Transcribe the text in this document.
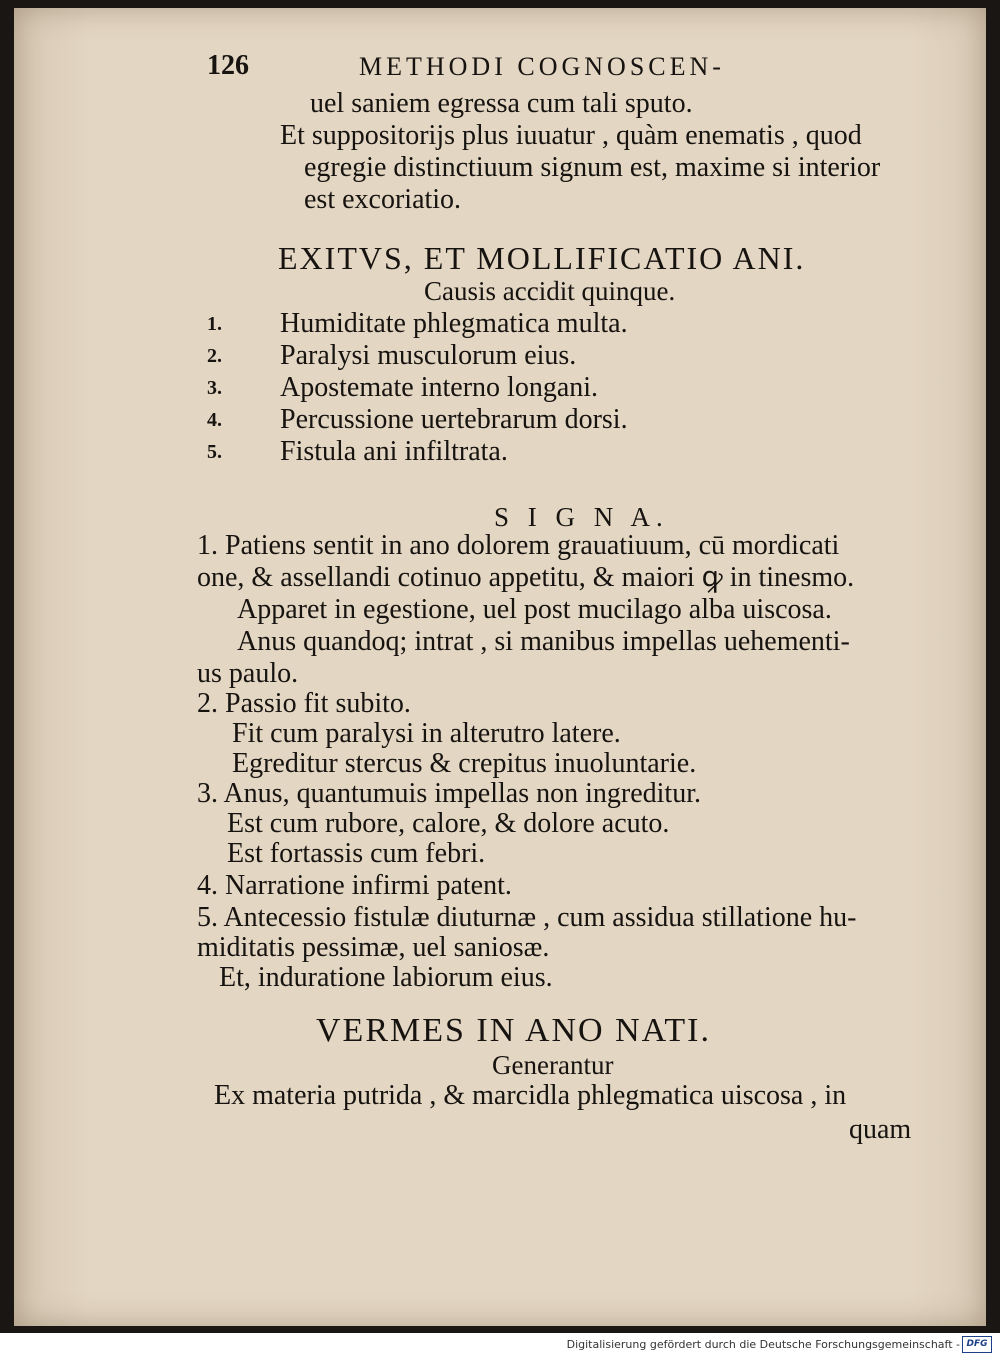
126	METHODI COGNOSCEN-
uel saniem egressa cum tali sputo.
Et suppositorijs plus iuuatur , quàm enematis , quod
egregie distinctiuum signum est, maxime si interior
est excoriatio.
EXITVS, ET MOLLIFICATIO ANI.
Causis accidit quinque.
1. Humiditate phlegmatica multa.
2. Paralysi musculorum eius.
3. Apostemate interno longani.
4. Percussione uertebrarum dorsi.
5. Fistula ani infiltrata.
S I G N A.
1. Patiens sentit in ano dolorem grauatiuum, cū mordicati
one, & assellandi cotinuo appetitu, & maiori ꝙ in tinesmo.
Apparet in egestione, uel post mucilago alba uiscosa.
Anus quandoq; intrat , si manibus impellas uehementi-
us paulo.
2. Passio fit subito.
Fit cum paralysi in alterutro latere.
Egreditur stercus & crepitus inuoluntarie.
3. Anus, quantumuis impellas non ingreditur.
Est cum rubore, calore, & dolore acuto.
Est fortassis cum febri.
4. Narratione infirmi patent.
5. Antecessio fistulæ diuturnæ , cum assidua stillatione hu-
miditatis pessimæ, uel saniosæ.
Et, induratione labiorum eius.
VERMES IN ANO NATI.
Generantur
Ex materia putrida , & marcidla phlegmatica uiscosa , in
quam
Digitalisierung gefördert durch die Deutsche Forschungsgemeinschaft - DFG
